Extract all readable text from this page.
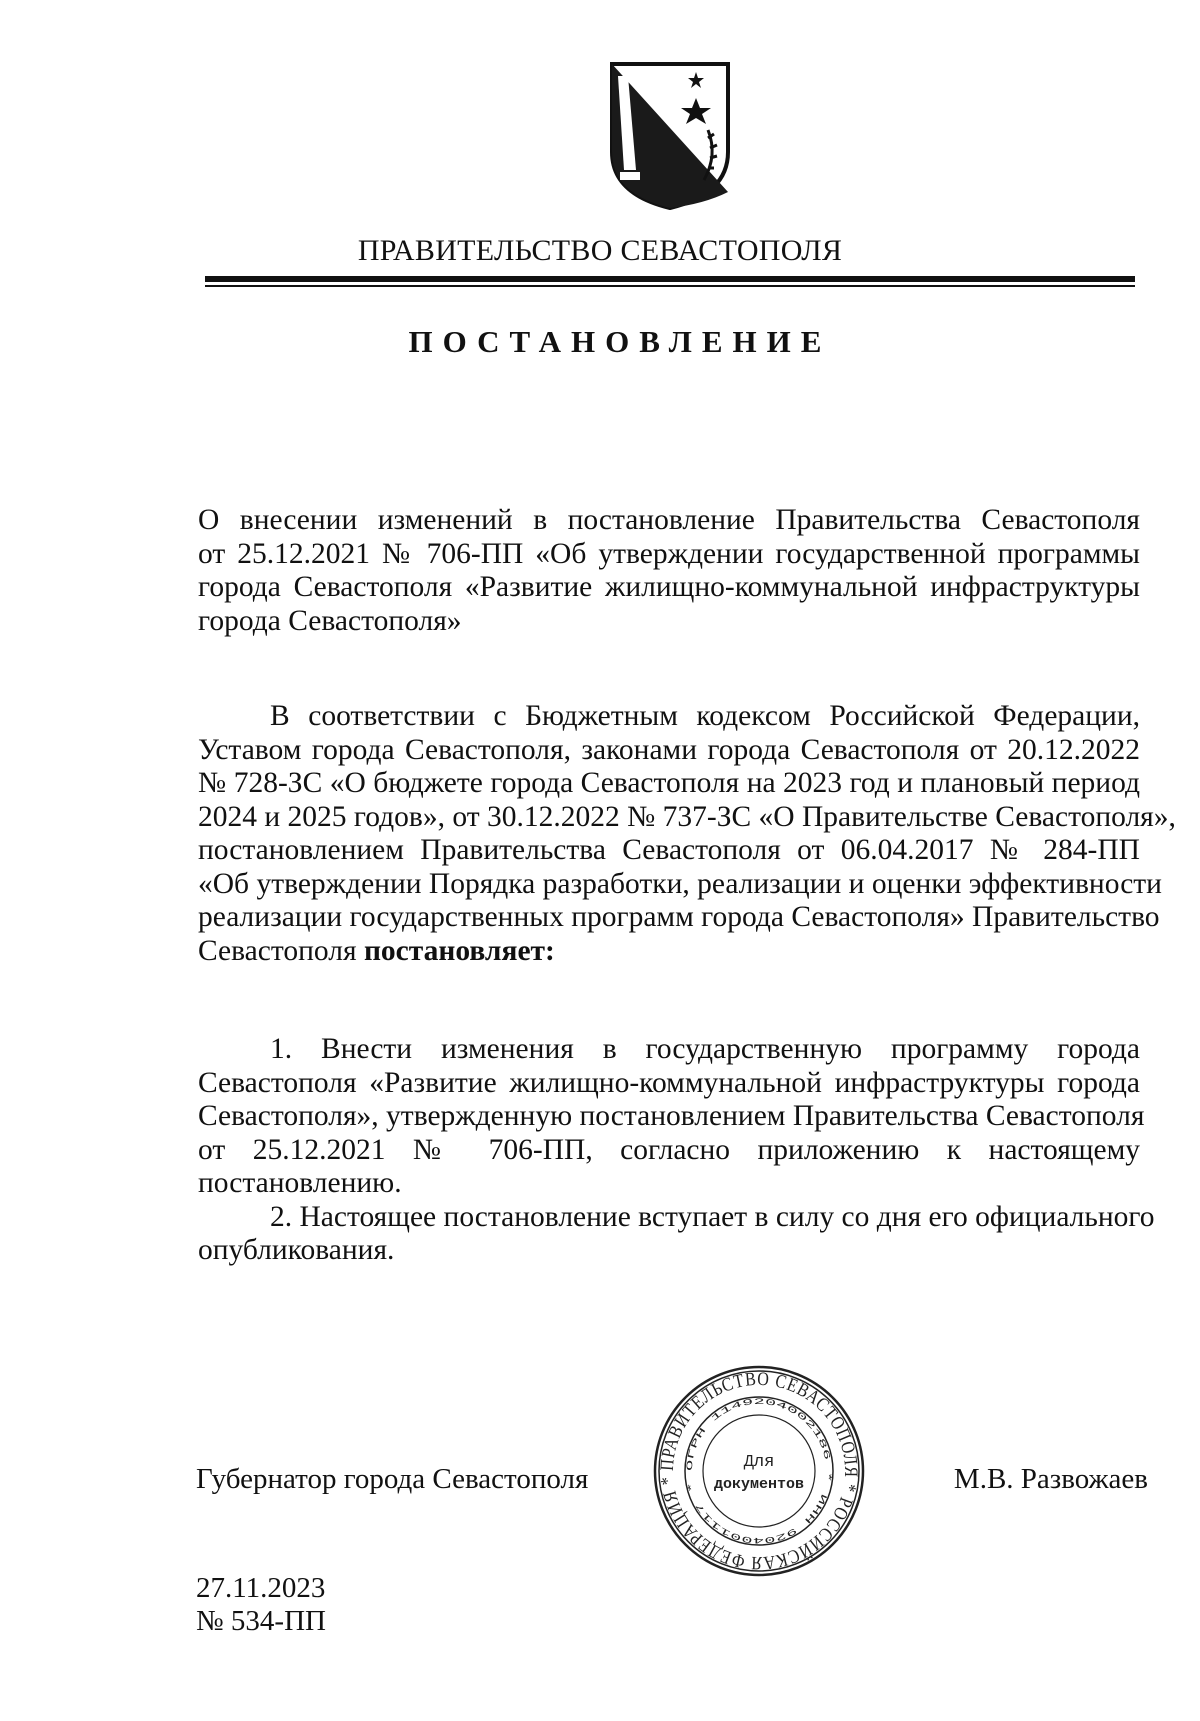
ПРАВИТЕЛЬСТВО СЕВАСТОПОЛЯ
ПОСТАНОВЛЕНИЕ
О внесении изменений в постановление Правительства Севастополя
от 25.12.2021 № 706-ПП «Об утверждении государственной программы
города Севастополя «Развитие жилищно-коммунальной инфраструктуры
города Севастополя»
В соответствии с Бюджетным кодексом Российской Федерации,
Уставом города Севастополя, законами города Севастополя от 20.12.2022
№ 728-ЗС «О бюджете города Севастополя на 2023 год и плановый период
2024 и 2025 годов», от 30.12.2022 № 737-ЗС «О Правительстве Севастополя»,
постановлением Правительства Севастополя от 06.04.2017 № 284-ПП
«Об утверждении Порядка разработки, реализации и оценки эффективности
реализации государственных программ города Севастополя» Правительство
Севастополя постановляет:
1. Внести изменения в государственную программу города
Севастополя «Развитие жилищно-коммунальной инфраструктуры города
Севастополя», утвержденную постановлением Правительства Севастополя
от 25.12.2021 № 706-ПП, согласно приложению к настоящему
постановлению.
2. Настоящее постановление вступает в силу со дня его официального
опубликования.
Губернатор города Севастополя	ПРАВИТЕЛЬСТВО СЕВАСТОПОЛЯ * РОССИЙСКАЯ ФЕДЕРАЦИЯ *
ОГРН 1149204002186 * ИНН 9204001117 *
Для
документов	М.В. Развожаев
27.11.2023
№ 534-ПП
